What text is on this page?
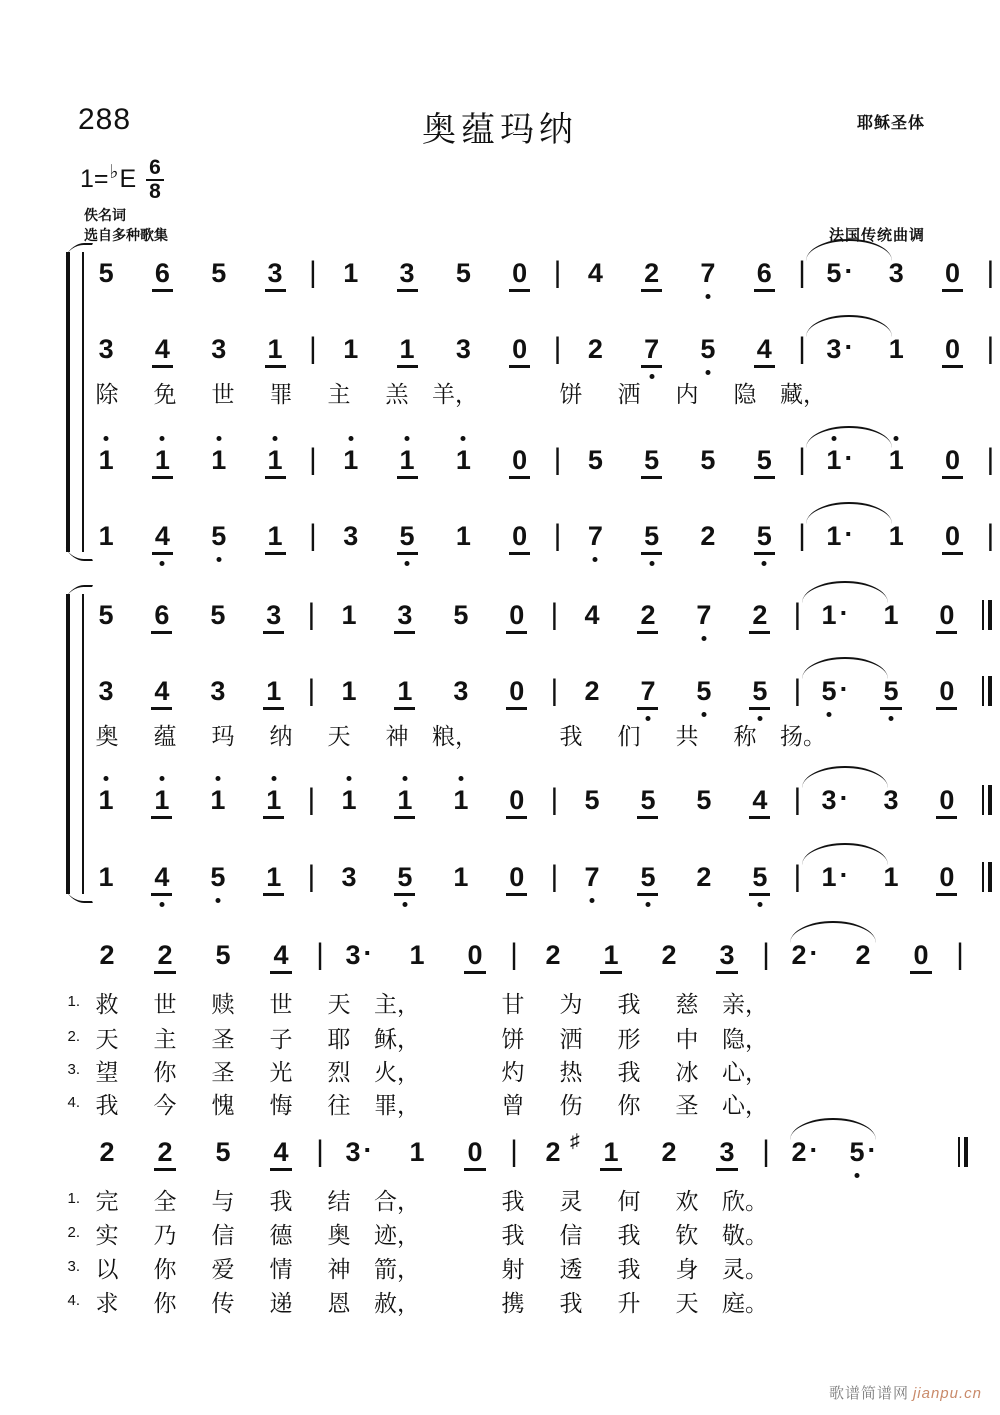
288	奥蕴玛纳	耶稣圣体
法国传统曲调
1= ♭ E $\frac{6}{8}$
佚名词
选自多种歌集
5	6	5	3 | 1	3	5	0 | 4	2	7	6 | 5 ·	3	0 |
3	4	3	1 | 1	1	3	0 | 2	7	5	4 | 3 ·	1	0 |
1	1	1	1 | 1	1	1	0 | 5	5	5	5 | 1 ·	1	0 |
1	4	5	1 | 3	5	1	0 | 7	5	2	5 | 1 ·	1	0 |
除	免	世	罪	主	羔	羊，	饼	洒	内	隐	藏，
5	6	5	3 | 1	3	5	0 | 4	2	7	2 | 1 ·	1	0
3	4	3	1 | 1	1	3	0 | 2	7	5	5 | 5 ·	5	0
1	1	1	1 | 1	1	1	0 | 5	5	5	4 | 3 ·	3	0
1	4	5	1 | 3	5	1	0 | 7	5	2	5 | 1 ·	1	0
奥	蕴	玛	纳	天	神	粮，	我	们	共	称	扬。
2	2	5	4 | 3 ·	1	0 |	2	1	2	3 | 2 ·	2	0 |
1. 救	世	赎	世	天	主，	甘	为	我	慈	亲，
2. 天	主	圣	子	耶	稣，	饼	洒	形	中	隐，
3. 望	你	圣	光	烈	火，	灼	热	我	冰	心，
4. 我	今	愧	悔	往	罪，	曾	伤	你	圣	心，
2	2	5	4 | 3 ·	1	0 |	2 ♯ 1	2	3 | 2 ·	5 ·
1. 完	全	与	我	结	合，	我	灵	何	欢	欣。
2. 实	乃	信	德	奥	迹，	我	信	我	钦	敬。
3. 以	你	爱	情	神	箭，	射	透	我	身	灵。
4. 求	你	传	递	恩	赦，	携	我	升	天	庭。
歌谱简谱网 jianpu.cn
